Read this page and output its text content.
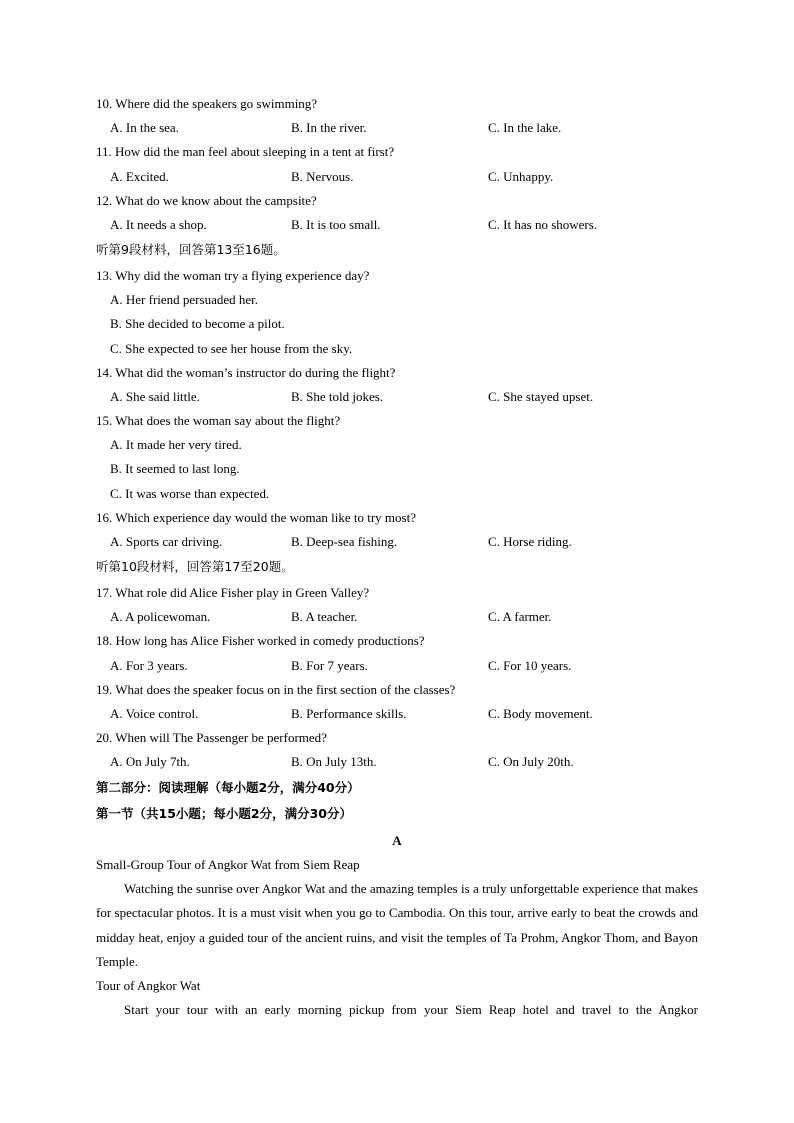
10. Where did the speakers go swimming?
A. In the sea.	B. In the river.	C. In the lake.
11. How did the man feel about sleeping in a tent at first?
A. Excited.	B. Nervous.	C. Unhappy.
12. What do we know about the campsite?
A. It needs a shop.	B. It is too small.	C. It has no showers.
听第9段材料，回答第13至16题。
13. Why did the woman try a flying experience day?
A. Her friend persuaded her.
B. She decided to become a pilot.
C. She expected to see her house from the sky.
14. What did the woman’s instructor do during the flight?
A. She said little.	B. She told jokes.	C. She stayed upset.
15. What does the woman say about the flight?
A. It made her very tired.
B. It seemed to last long.
C. It was worse than expected.
16. Which experience day would the woman like to try most?
A. Sports car driving.	B. Deep-sea fishing.	C. Horse riding.
听第10段材料，回答第17至20题。
17. What role did Alice Fisher play in Green Valley?
A. A policewoman.	B. A teacher.	C. A farmer.
18. How long has Alice Fisher worked in comedy productions?
A. For 3 years.	B. For 7 years.	C. For 10 years.
19. What does the speaker focus on in the first section of the classes?
A. Voice control.	B. Performance skills.	C. Body movement.
20. When will The Passenger be performed?
A. On July 7th.	B. On July 13th.	C. On July 20th.
第二部分：阅读理解（每小题2分，满分40分）
第一节（共15小题；每小题2分，满分30分）
A
Small-Group Tour of Angkor Wat from Siem Reap
Watching the sunrise over Angkor Wat and the amazing temples is a truly unforgettable experience that makes for spectacular photos. It is a must visit when you go to Cambodia. On this tour, arrive early to beat the crowds and midday heat, enjoy a guided tour of the ancient ruins, and visit the temples of Ta Prohm, Angkor Thom, and Bayon Temple.
Tour of Angkor Wat
Start your tour with an early morning pickup from your Siem Reap hotel and travel to the Angkor
